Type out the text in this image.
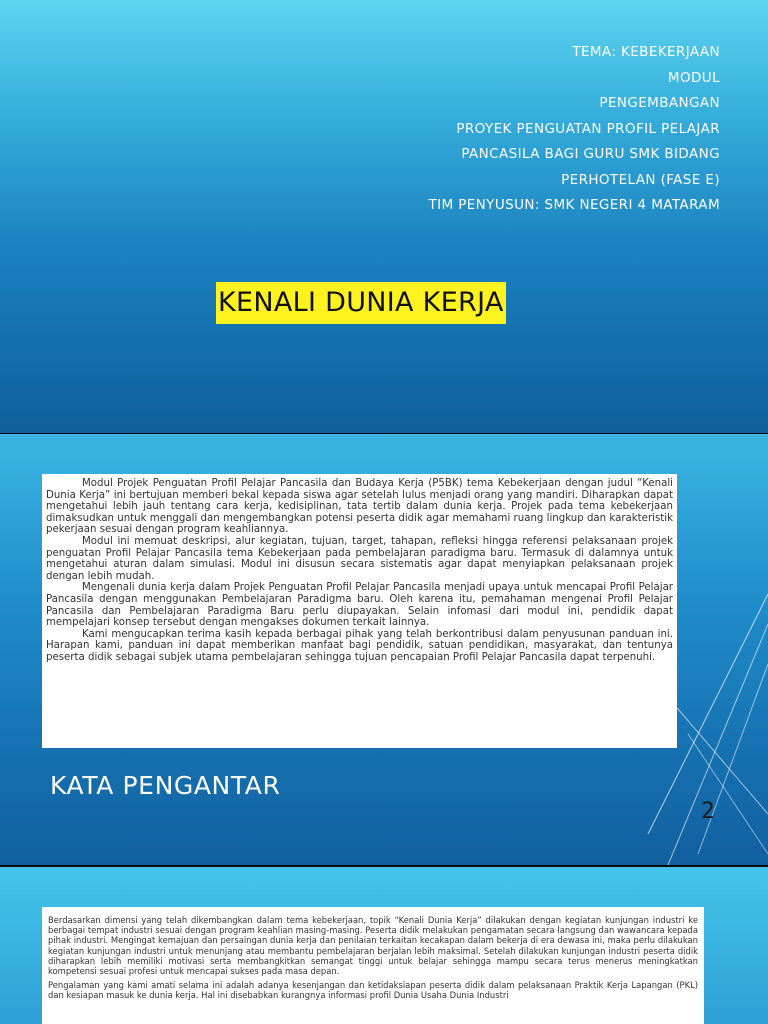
TEMA: KEBEKERJAAN
MODUL
PENGEMBANGAN
PROYEK PENGUATAN PROFIL PELAJAR
PANCASILA BAGI GURU SMK BIDANG
PERHOTELAN (FASE E)
TIM PENYUSUN: SMK NEGERI 4 MATARAM
KENALI DUNIA KERJA

Modul Projek Penguatan Profil Pelajar Pancasila dan Budaya Kerja (P5BK) tema Kebekerjaan dengan judul “Kenali Dunia Kerja” ini bertujuan memberi bekal kepada siswa agar setelah lulus menjadi orang yang mandiri. Diharapkan dapat mengetahui lebih jauh tentang cara kerja, kedisiplinan, tata tertib dalam dunia kerja. Projek pada tema kebekerjaan dimaksudkan untuk menggali dan mengembangkan potensi peserta didik agar memahami ruang lingkup dan karakteristik pekerjaan sesuai dengan program keahliannya.

Modul ini memuat deskripsi, alur kegiatan, tujuan, target, tahapan, refleksi hingga referensi pelaksanaan projek penguatan Profil Pelajar Pancasila tema Kebekerjaan pada pembelajaran paradigma baru. Termasuk di dalamnya untuk mengetahui aturan dalam simulasi. Modul ini disusun secara sistematis agar dapat menyiapkan pelaksanaan projek dengan lebih mudah.

Mengenali dunia kerja dalam Projek Penguatan Profil Pelajar Pancasila menjadi upaya untuk mencapai Profil Pelajar Pancasila dengan menggunakan Pembelajaran Paradigma baru. Oleh karena itu, pemahaman mengenai Profil Pelajar Pancasila dan Pembelajaran Paradigma Baru perlu diupayakan. Selain infomasi dari modul ini, pendidik dapat mempelajari konsep tersebut dengan mengakses dokumen terkait lainnya.

Kami mengucapkan terima kasih kepada berbagai pihak yang telah berkontribusi dalam penyusunan panduan ini. Harapan kami, panduan ini dapat memberikan manfaat bagi pendidik, satuan pendidikan, masyarakat, dan tentunya peserta didik sebagai subjek utama pembelajaran sehingga tujuan pencapaian Profil Pelajar Pancasila dapat terpenuhi.

KATA PENGANTAR
2

Berdasarkan dimensi yang telah dikembangkan dalam tema kebekerjaan, topik “Kenali Dunia Kerja” dilakukan dengan kegiatan kunjungan industri ke berbagai tempat industri sesuai dengan program keahlian masing-masing. Peserta didik melakukan pengamatan secara langsung dan wawancara kepada pihak industri. Mengingat kemajuan dan persaingan dunia kerja dan penilaian terkaitan kecakapan dalam bekerja di era dewasa ini, maka perlu dilakukan kegiatan kunjungan industri untuk menunjang atau membantu pembelajaran berjalan lebih maksimal. Setelah dilakukan kunjungan industri peserta didik diharapkan lebih memiliki motivasi serta membangkitkan semangat tinggi untuk belajar sehingga mampu secara terus menerus meningkatkan kompetensi sesuai profesi untuk mencapai sukses pada masa depan.

Pengalaman yang kami amati selama ini adalah adanya kesenjangan dan ketidaksiapan peserta didik dalam pelaksanaan Praktik Kerja Lapangan (PKL) dan kesiapan masuk ke dunia kerja. Hal ini disebabkan kurangnya informasi profil Dunia Usaha Dunia Industri
